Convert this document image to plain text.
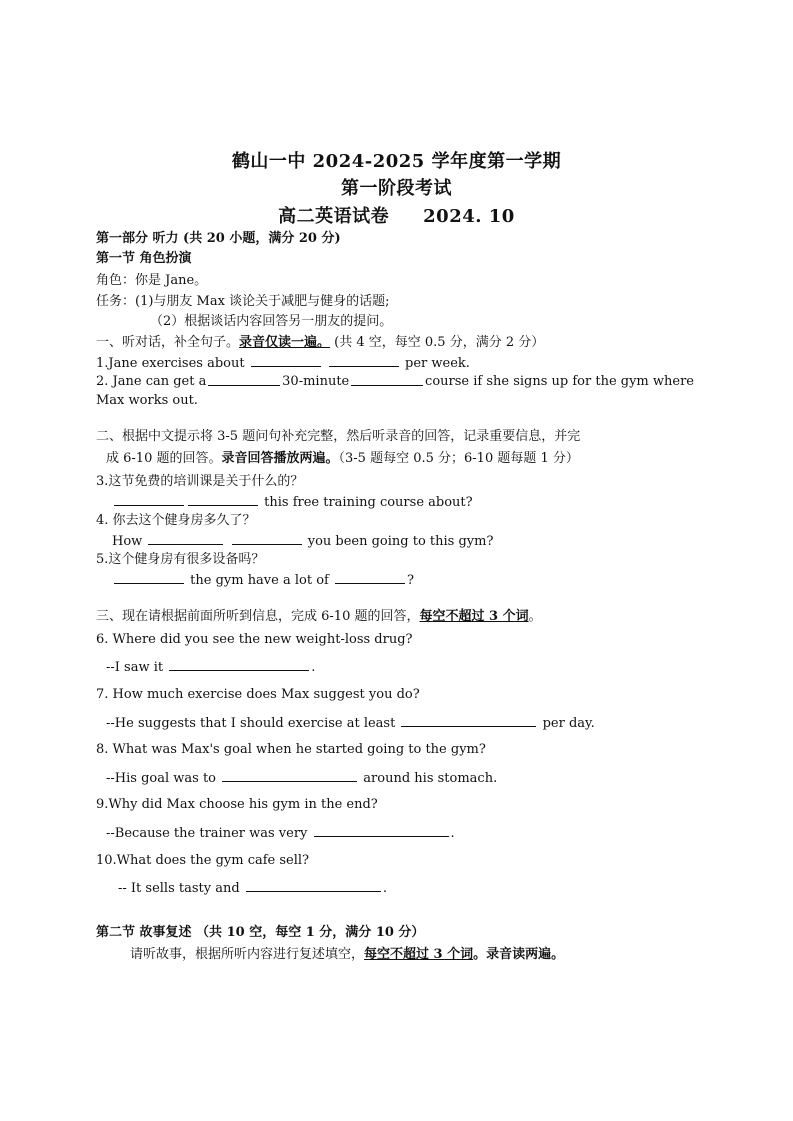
鹤山一中 2024-2025 学年度第一学期
第一阶段考试
高二英语试卷 2024. 10
第一部分 听力 (共 20 小题，满分 20 分)
第一节 角色扮演
角色：你是 Jane。
任务：(1)与朋友 Max 谈论关于减肥与健身的话题;
（2）根据谈话内容回答另一朋友的提问。
一、听对话，补全句子。录音仅读一遍。 (共 4 空，每空 0.5 分，满分 2 分）
1.Jane exercises about	per week.
2. Jane can get a	30-minute	course if she signs up for the gym where
Max works out.
二、根据中文提示将 3-5 题问句补充完整，然后听录音的回答，记录重要信息，并完
成 6-10 题的回答。录音回答播放两遍。（3-5 题每空 0.5 分；6-10 题每题 1 分）
3.这节免费的培训课是关于什么的？
this free training course about?
4. 你去这个健身房多久了？
How	you been going to this gym?
5.这个健身房有很多设备吗？
the gym have a lot of	?
三、现在请根据前面所听到信息，完成 6-10 题的回答，每空不超过 3 个词。
6. Where did you see the new weight-loss drug?
--I saw it	.
7. How much exercise does Max suggest you do?
--He suggests that I should exercise at least	per day.
8. What was Max's goal when he started going to the gym?
--His goal was to	around his stomach.
9.Why did Max choose his gym in the end?
--Because the trainer was very	.
10.What does the gym cafe sell?
-- It sells tasty and	.
第二节 故事复述 （共 10 空，每空 1 分，满分 10 分）
请听故事，根据所听内容进行复述填空，每空不超过 3 个词。录音读两遍。
